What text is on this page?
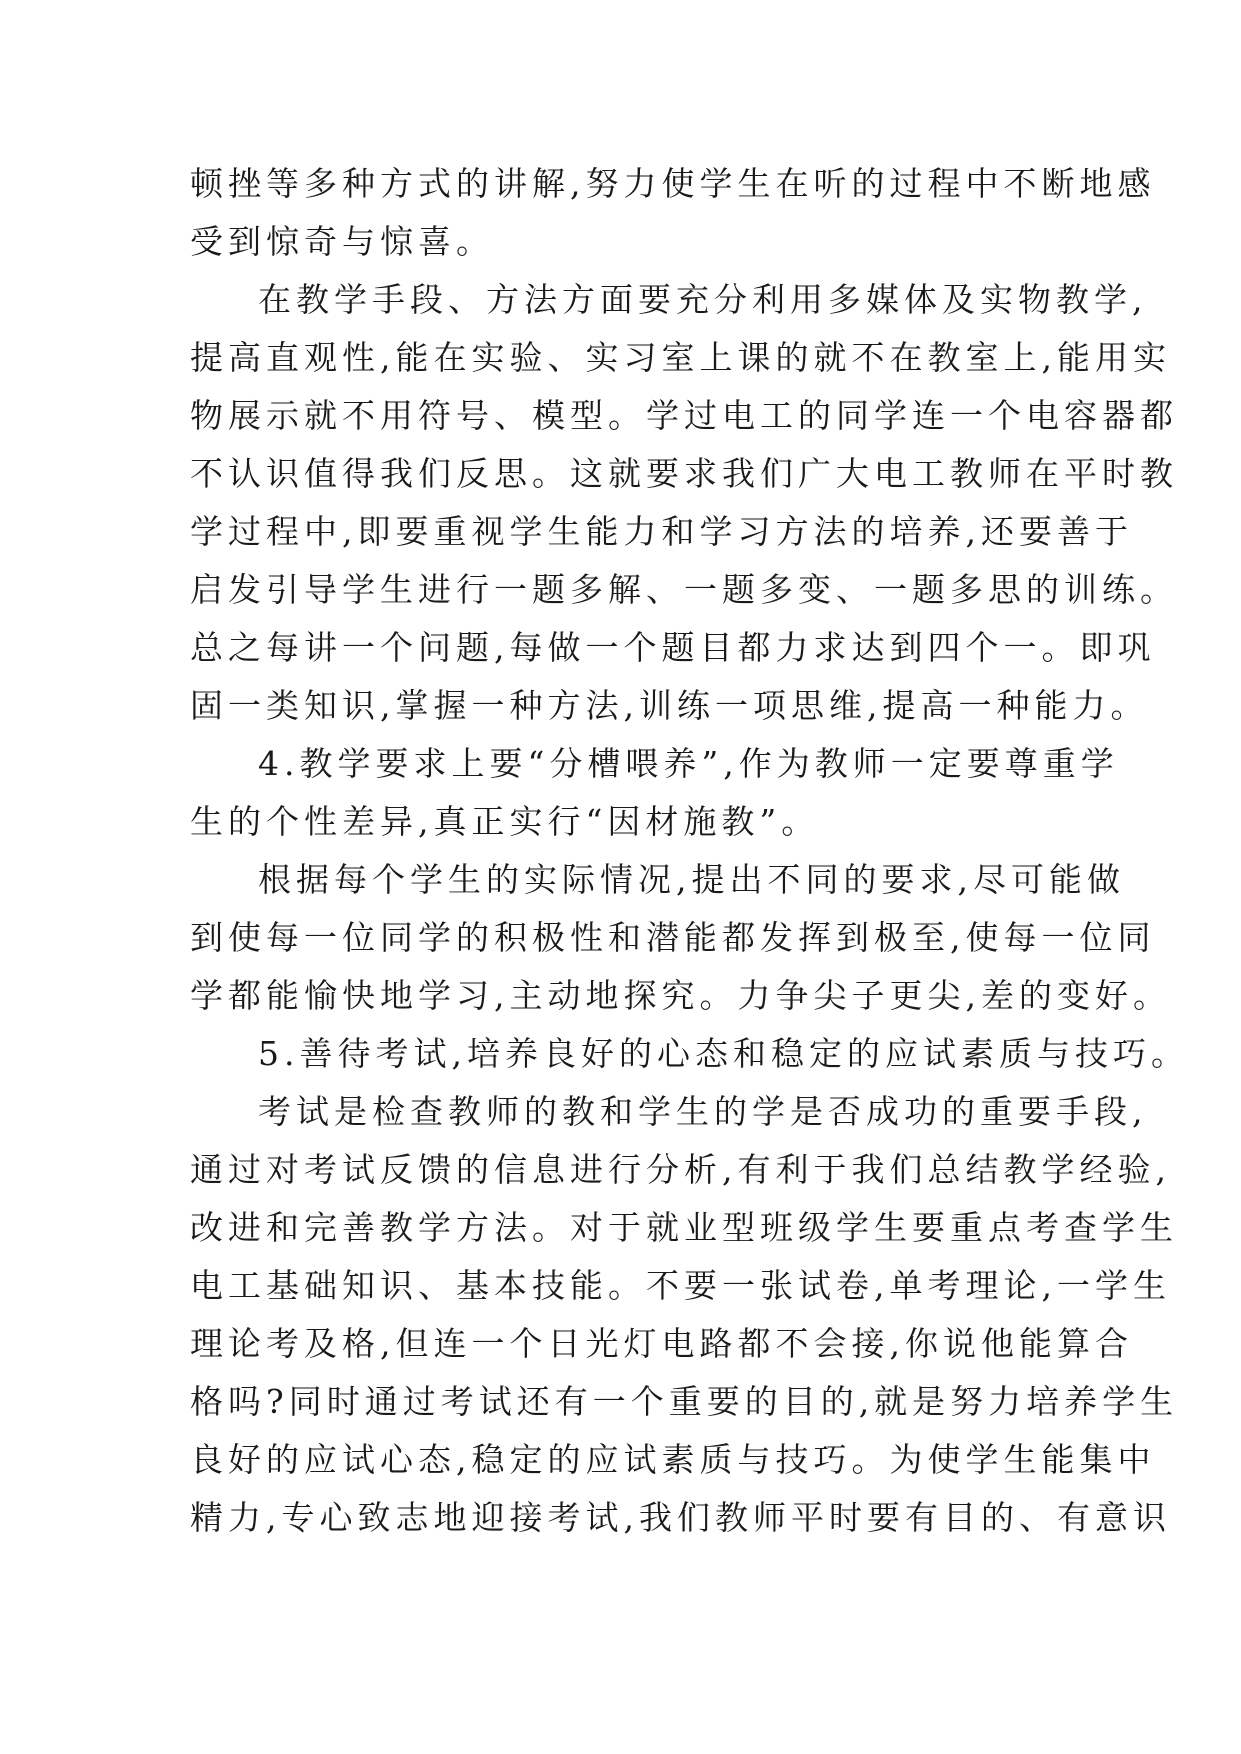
顿挫等多种方式的讲解,努力使学生在听的过程中不断地感
受到惊奇与惊喜。
在教学手段、方法方面要充分利用多媒体及实物教学,
提高直观性,能在实验、实习室上课的就不在教室上,能用实
物展示就不用符号、模型。学过电工的同学连一个电容器都
不认识值得我们反思。这就要求我们广大电工教师在平时教
学过程中,即要重视学生能力和学习方法的培养,还要善于
启发引导学生进行一题多解、一题多变、一题多思的训练。
总之每讲一个问题,每做一个题目都力求达到四个一。即巩
固一类知识,掌握一种方法,训练一项思维,提高一种能力。
4.教学要求上要“分槽喂养”,作为教师一定要尊重学
生的个性差异,真正实行“因材施教”。
根据每个学生的实际情况,提出不同的要求,尽可能做
到使每一位同学的积极性和潜能都发挥到极至,使每一位同
学都能愉快地学习,主动地探究。力争尖子更尖,差的变好。
5.善待考试,培养良好的心态和稳定的应试素质与技巧。
考试是检查教师的教和学生的学是否成功的重要手段,
通过对考试反馈的信息进行分析,有利于我们总结教学经验,
改进和完善教学方法。对于就业型班级学生要重点考查学生
电工基础知识、基本技能。不要一张试卷,单考理论,一学生
理论考及格,但连一个日光灯电路都不会接,你说他能算合
格吗?同时通过考试还有一个重要的目的,就是努力培养学生
良好的应试心态,稳定的应试素质与技巧。为使学生能集中
精力,专心致志地迎接考试,我们教师平时要有目的、有意识
